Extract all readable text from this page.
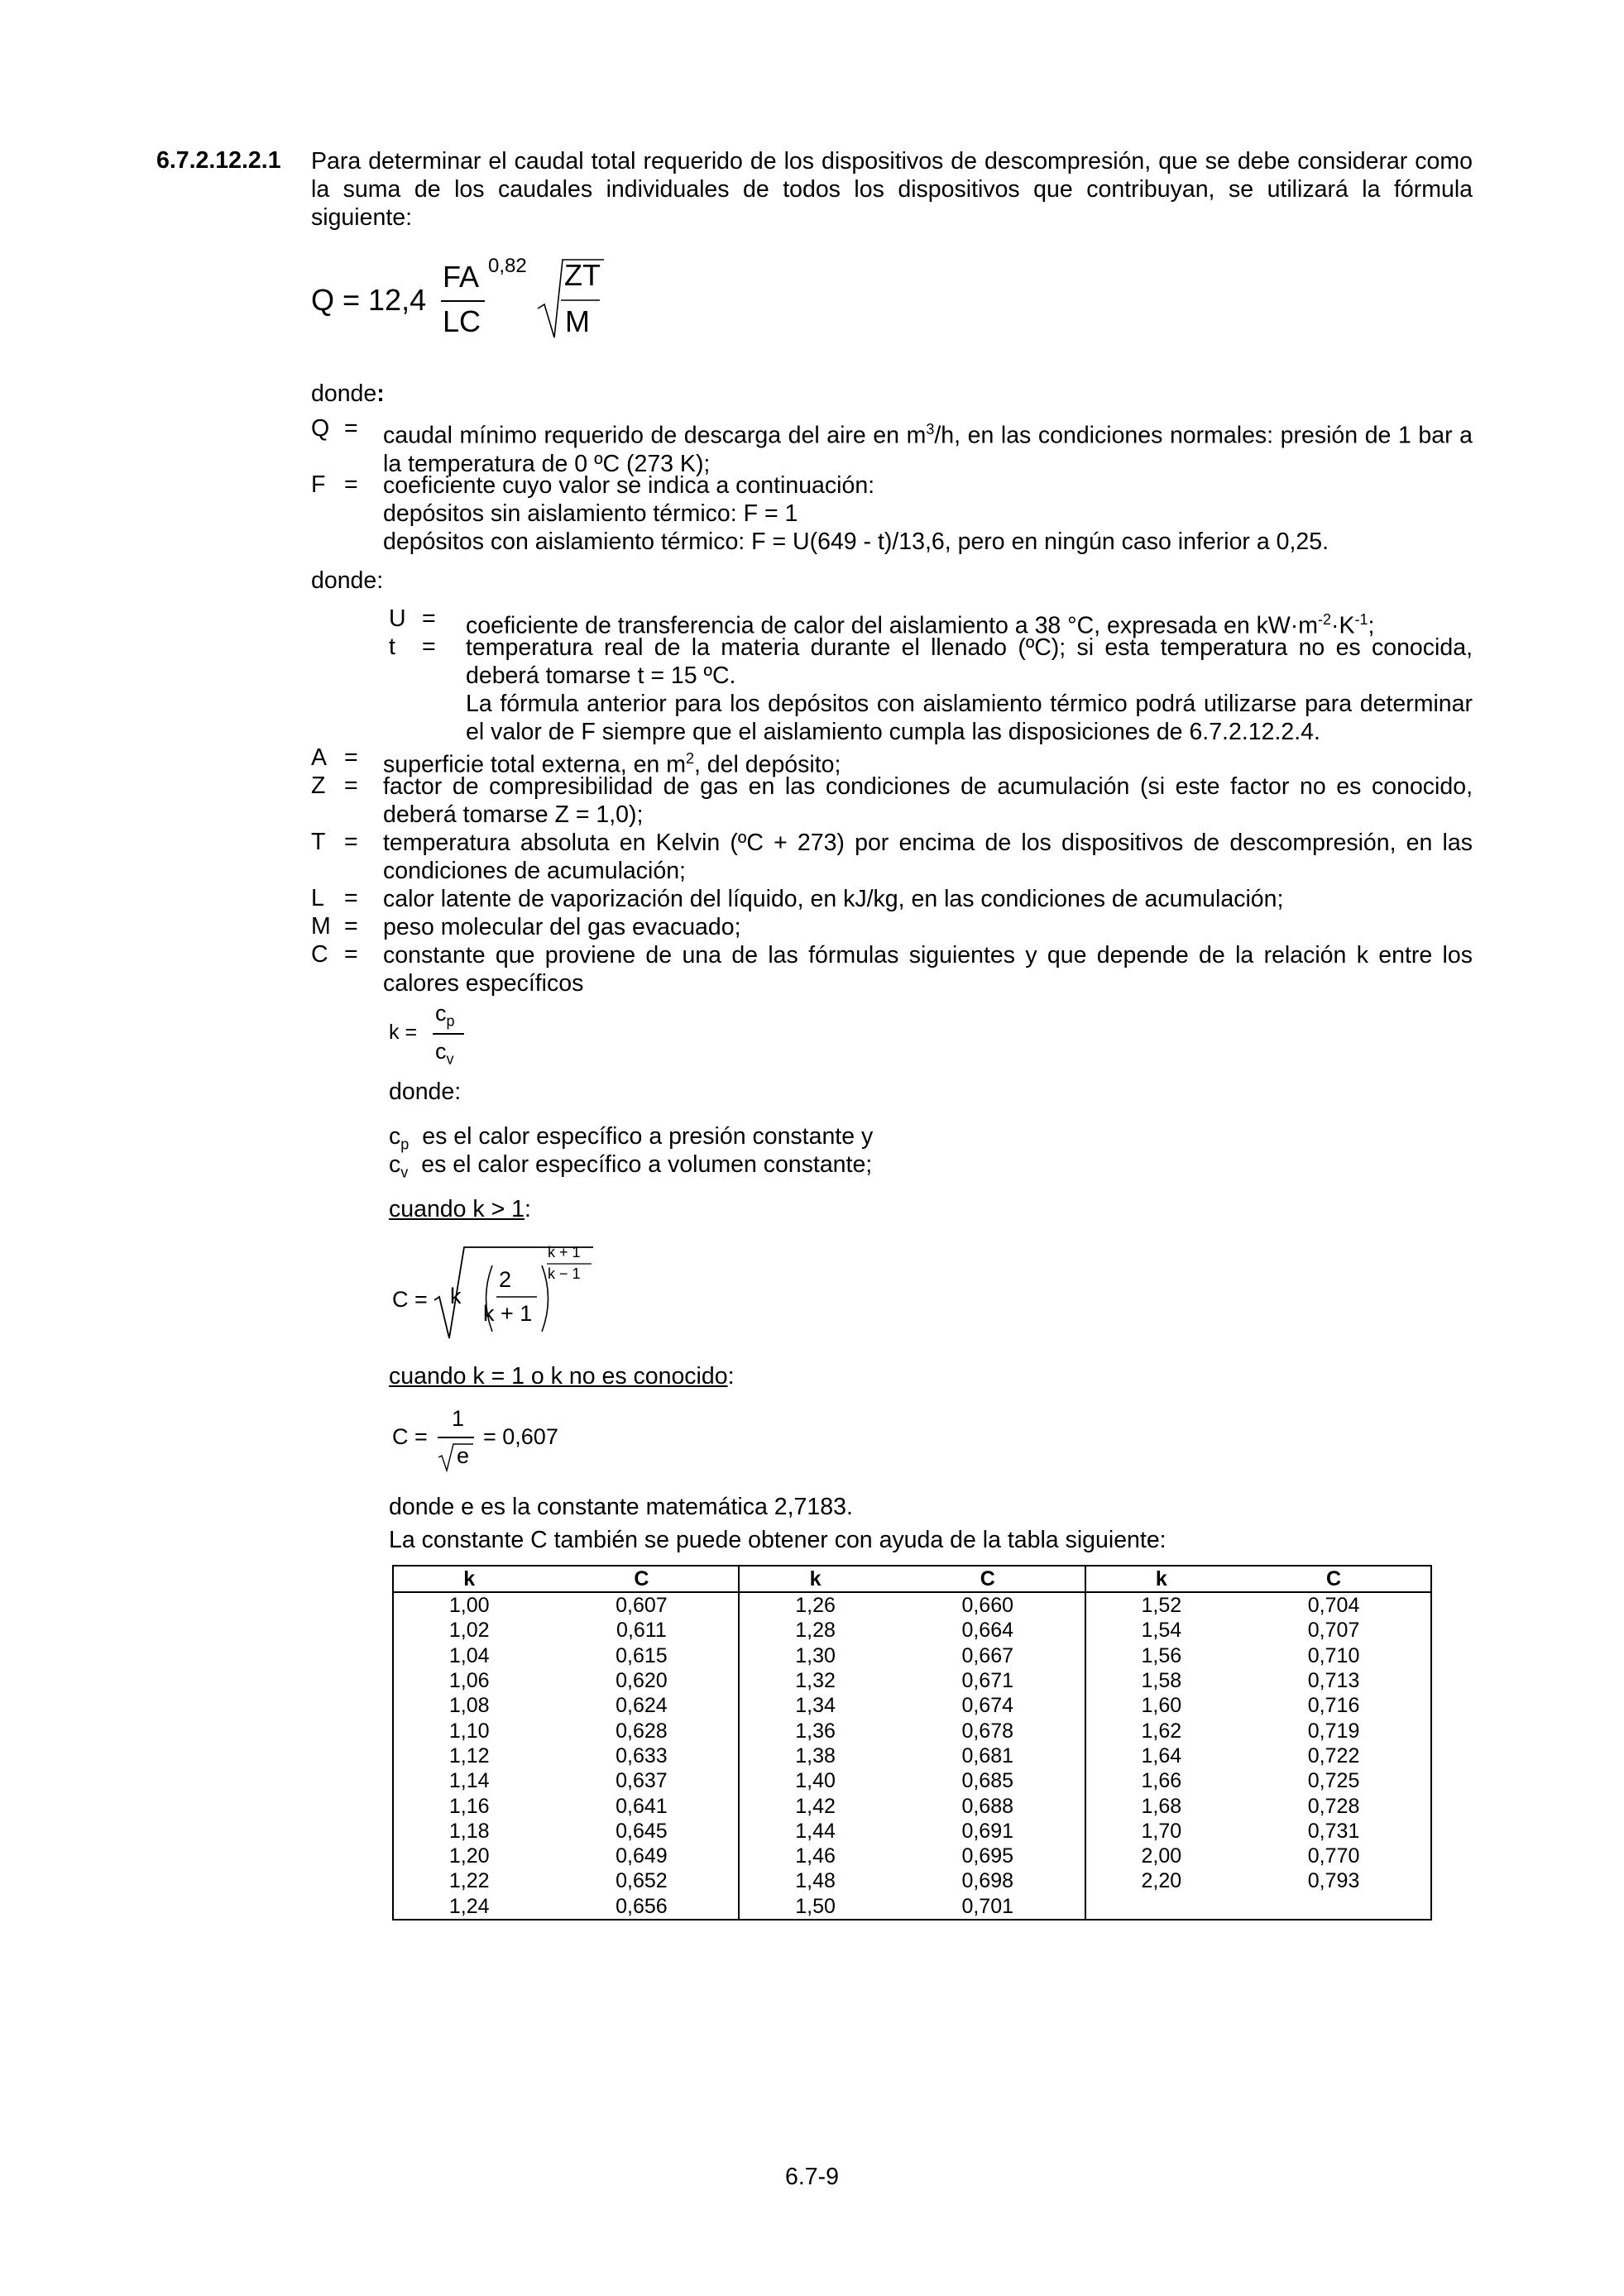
6.7.2.12.2.1 Para determinar el caudal total requerido de los dispositivos de descompresión, que se debe considerar como la suma de los caudales individuales de todos los dispositivos que contribuyan, se utilizará la fórmula siguiente:
Q = 12,4
FA 0,82
LC
ZT
M
donde:
Q =	caudal mínimo requerido de descarga del aire en $m^3/h$, en las condiciones normales: presión de 1 bar a la temperatura de 0 ºC (273 K);
F =	coeficiente cuyo valor se indica a continuación:
depósitos sin aislamiento térmico: F = 1
depósitos con aislamiento térmico: F = U(649 - t)/13,6, pero en ningún caso inferior a 0,25.
donde:
U =	coeficiente de transferencia de calor del aislamiento a 38 °C, expresada en $kW\cdot m^{-2}\cdot K^{-1}$;
t	=	temperatura real de la materia durante el llenado (ºC); si esta temperatura no es conocida, deberá tomarse t = 15 ºC.
La fórmula anterior para los depósitos con aislamiento térmico podrá utilizarse para determinar el valor de F siempre que el aislamiento cumpla las disposiciones de 6.7.2.12.2.4.
A =	superficie total externa, en $m^2$, del depósito;
Z =	factor de compresibilidad de gas en las condiciones de acumulación (si este factor no es conocido, deberá tomarse Z = 1,0);
T =	temperatura absoluta en Kelvin (ºC + 273) por encima de los dispositivos de descompresión, en las condiciones de acumulación;
L =	calor latente de vaporización del líquido, en kJ/kg, en las condiciones de acumulación;
M =	peso molecular del gas evacuado;
C =	constante que proviene de una de las fórmulas siguientes y que depende de la relación k entre los calores específicos
k =
$c_p$
$c_v$
donde:
$c_p$ es el calor específico a presión constante y
$c_v$ es el calor específico a volumen constante;
cuando k > 1:
C = k
2
k + 1
k + 1
k − 1
cuando k = 1 o k no es conocido:
C =
1
e
= 0,607
donde e es la constante matemática 2,7183.
La constante C también se puede obtener con ayuda de la tabla siguiente:
k	C	k	C	k	C
1,00	0,607	1,26	0,660	1,52	0,704
1,02	0,611	1,28	0,664	1,54	0,707
1,04	0,615	1,30	0,667	1,56	0,710
1,06	0,620	1,32	0,671	1,58	0,713
1,08	0,624	1,34	0,674	1,60	0,716
1,10	0,628	1,36	0,678	1,62	0,719
1,12	0,633	1,38	0,681	1,64	0,722
1,14	0,637	1,40	0,685	1,66	0,725
1,16	0,641	1,42	0,688	1,68	0,728
1,18	0,645	1,44	0,691	1,70	0,731
1,20	0,649	1,46	0,695	2,00	0,770
1,22	0,652	1,48	0,698	2,20	0,793
1,24	0,656	1,50	0,701		
6.7-9
